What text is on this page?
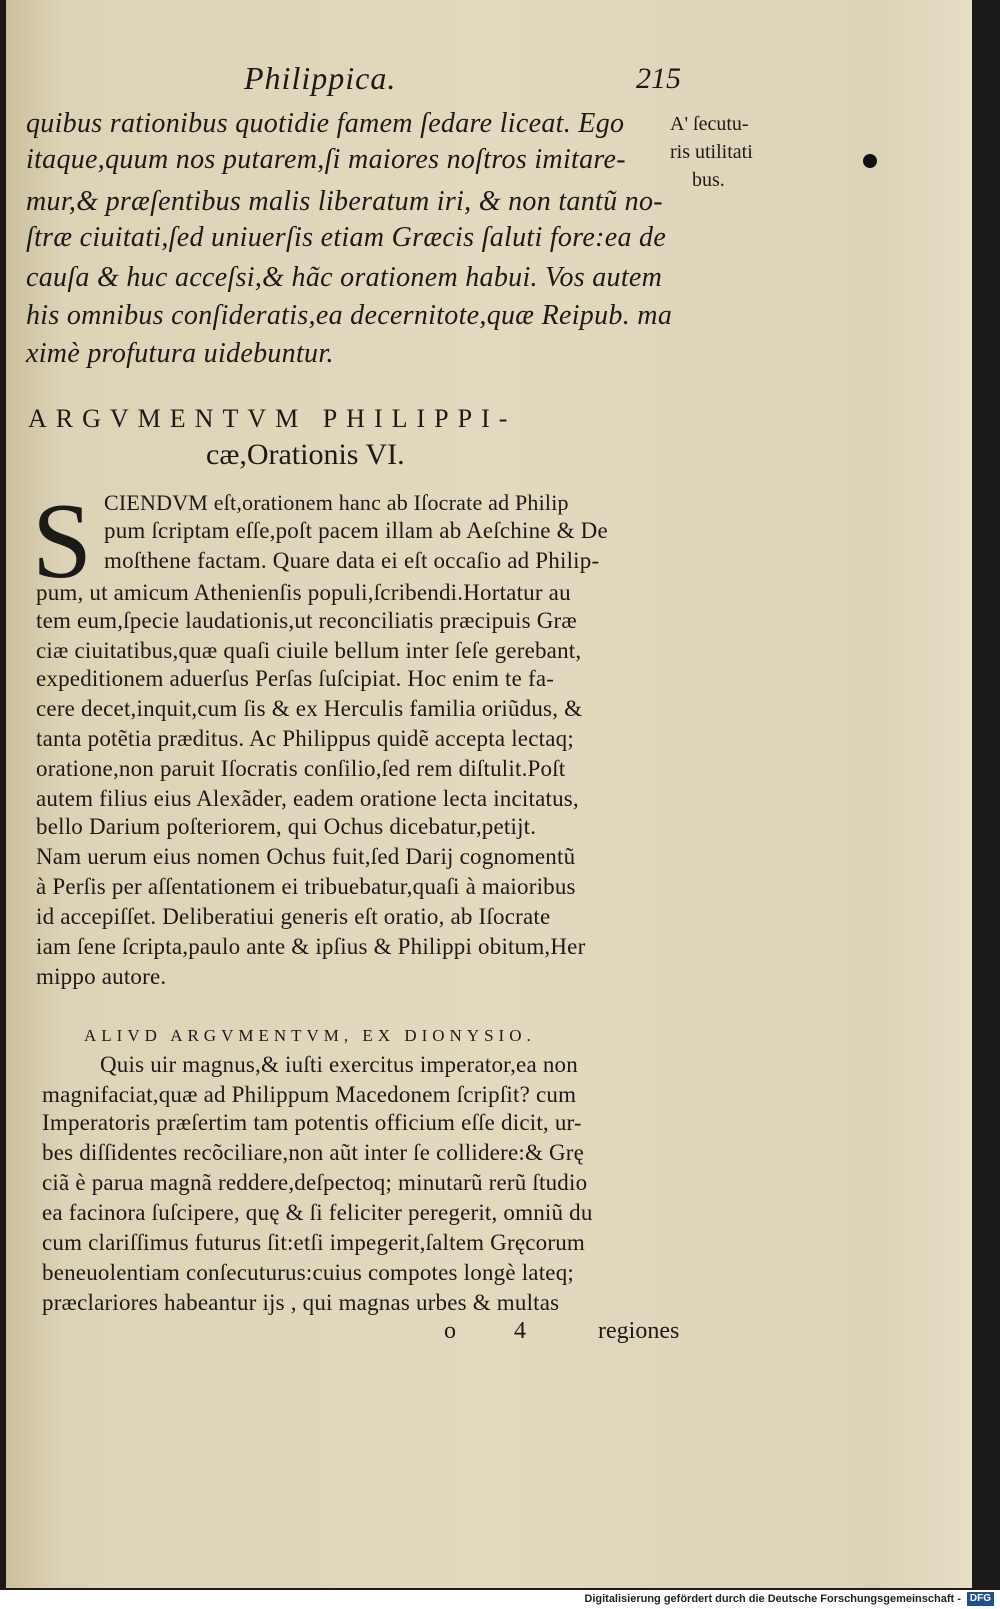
Philippica.	215
quibus rationibus quotidie famem ſedare liceat. Ego
itaque,quum nos putarem,ſi maiores noſtros imitare-
mur,& præſentibus malis liberatum iri, & non tantũ no-
ſtræ ciuitati,ſed uniuerſis etiam Græcis ſaluti fore:ea de
cauſa & huc acceſsi,& hãc orationem habui. Vos autem
his omnibus conſideratis,ea decernitote,quæ Reipub. ma
ximè profutura uidebuntur.
A' ſecutu-
ris utilitati
bus.
ARGVMENTVM PHILIPPI-
cæ,Orationis VI.
S CIENDVM eſt,orationem hanc ab Iſocrate ad Philip
pum ſcriptam eſſe,poſt pacem illam ab Aeſchine & De
moſthene factam. Quare data ei eſt occaſio ad Philip-
pum, ut amicum Athenienſis populi,ſcribendi.Hortatur au
tem eum,ſpecie laudationis,ut reconciliatis præcipuis Græ
ciæ ciuitatibus,quæ quaſi ciuile bellum inter ſeſe gerebant,
expeditionem aduerſus Perſas ſuſcipiat. Hoc enim te fa-
cere decet,inquit,cum ſis & ex Herculis familia oriũdus, &
tanta potẽtia præditus. Ac Philippus quidẽ accepta lectaq;
oratione,non paruit Iſocratis conſilio,ſed rem diſtulit.Poſt
autem filius eius Alexãder, eadem oratione lecta incitatus,
bello Darium poſteriorem, qui Ochus dicebatur,petijt.
Nam uerum eius nomen Ochus fuit,ſed Darij cognomentũ
à Perſis per aſſentationem ei tribuebatur,quaſi à maioribus
id accepiſſet. Deliberatiui generis eſt oratio, ab Iſocrate
iam ſene ſcripta,paulo ante & ipſius & Philippi obitum,Her
mippo autore.
ALIVD ARGVMENTVM, EX DIONYSIO.
Quis uir magnus,& iuſti exercitus imperator,ea non
magnifaciat,quæ ad Philippum Macedonem ſcripſit? cum
Imperatoris præſertim tam potentis officium eſſe dicit, ur-
bes diſſidentes recõciliare,non aũt inter ſe collidere:& Grę
ciã è parua magnã reddere,deſpectoq; minutarũ rerũ ſtudio
ea facinora ſuſcipere, quę & ſi feliciter peregerit, omniũ du
cum clariſſimus futurus ſit:etſi impegerit,ſaltem Gręcorum
beneuolentiam conſecuturus:cuius compotes longè lateq;
præclariores habeantur ijs , qui magnas urbes & multas
o 4 regiones
Digitalisierung gefördert durch die Deutsche Forschungsgemeinschaft - DFG
